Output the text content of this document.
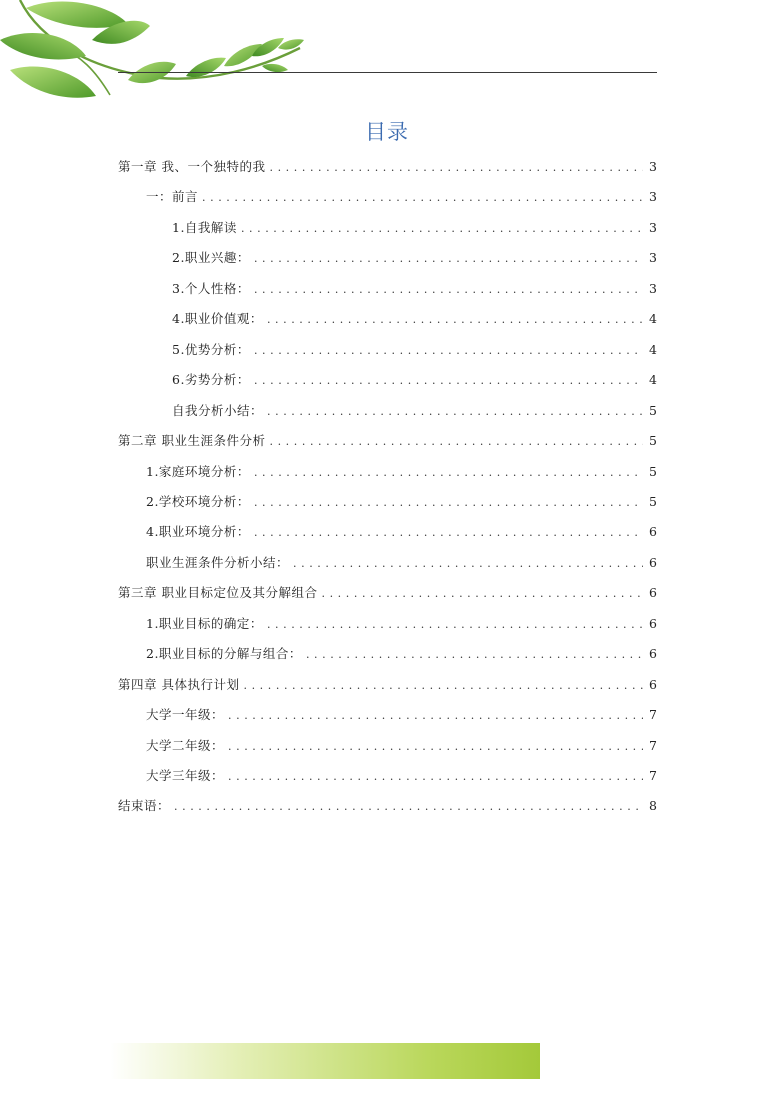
目录
第一章 我、一个独特的我 . . .	3
一：前言 . . .	3
1.自我解读 . . .	3
2.职业兴趣： . . .	3
3.个人性格： . . .	3
4.职业价值观： . . .	4
5.优势分析： . . .	4
6.劣势分析： . . .	4
自我分析小结： . . .	5
第二章 职业生涯条件分析 . . .	5
1.家庭环境分析： . . .	5
2.学校环境分析： . . .	5
4.职业环境分析： . . .	6
职业生涯条件分析小结： . . .	6
第三章 职业目标定位及其分解组合 . . .	6
1.职业目标的确定： . . .	6
2.职业目标的分解与组合： . . .	6
第四章 具体执行计划 . . .	6
大学一年级： . . .	7
大学二年级： . . .	7
大学三年级： . . .	7
结束语： . . .	8
